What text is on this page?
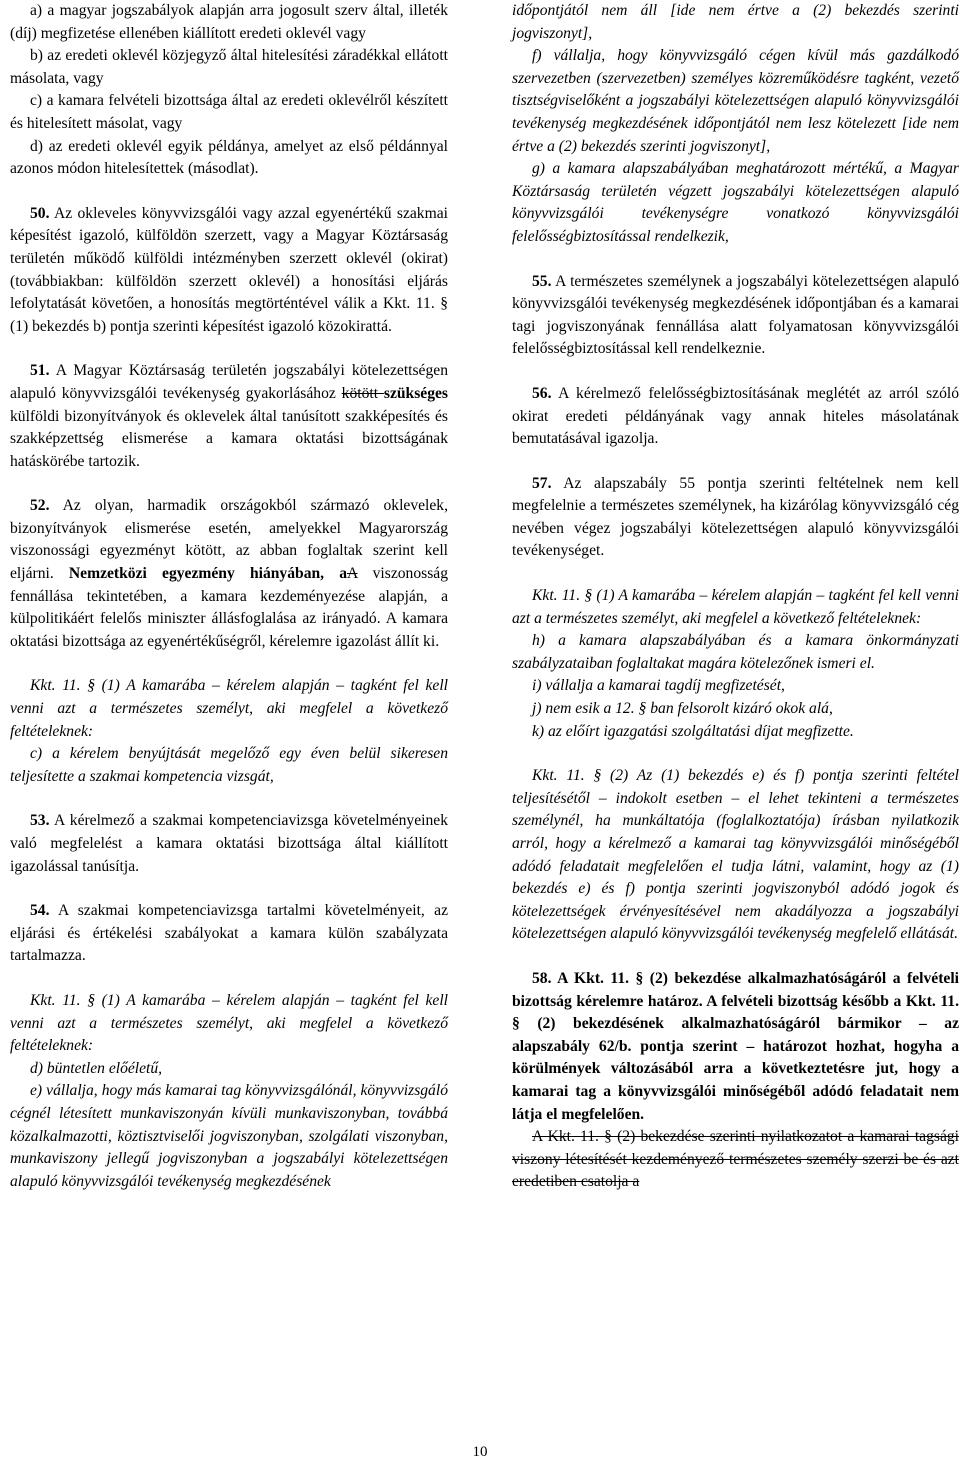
a) a magyar jogszabályok alapján arra jogosult szerv által, illeték (díj) megfizetése ellenében kiállított eredeti oklevél vagy

b) az eredeti oklevél közjegyző által hitelesítési záradékkal ellátott másolata, vagy

c) a kamara felvételi bizottsága által az eredeti oklevélről készített és hitelesített másolat, vagy

d) az eredeti oklevél egyik példánya, amelyet az első példánnyal azonos módon hitelesítettek (másodlat).

50. Az okleveles könyvvizsgálói vagy azzal egyenértékű szakmai képesítést igazoló, külföldön szerzett, vagy a Magyar Köztársaság területén működő külföldi intézményben szerzett oklevél (okirat) (továbbiakban: külföldön szerzett oklevél) a honosítási eljárás lefolytatását követően, a honosítás megtörténtével válik a Kkt. 11. § (1) bekezdés b) pontja szerinti képesítést igazoló közokirattá.

51. A Magyar Köztársaság területén jogszabályi kötelezettségen alapuló könyvvizsgálói tevékenység gyakorlásához kötött szükséges külföldi bizonyítványok és oklevelek által tanúsított szakképesítés és szakképzettség elismerése a kamara oktatási bizottságának hatáskörébe tartozik.

52. Az olyan, harmadik országokból származó oklevelek, bizonyítványok elismerése esetén, amelyekkel Magyarország viszonossági egyezményt kötött, az abban foglaltak szerint kell eljárni. Nemzetközi egyezmény hiányában, aA viszonosság fennállása tekintetében, a kamara kezdeményezése alapján, a külpolitikáért felelős miniszter állásfoglalása az irányadó. A kamara oktatási bizottsága az egyenértékűségről, kérelemre igazolást állít ki.

Kkt. 11. § (1) A kamarába – kérelem alapján – tagként fel kell venni azt a természetes személyt, aki megfelel a következő feltételeknek:

c) a kérelem benyújtását megelőző egy éven belül sikeresen teljesítette a szakmai kompetencia vizsgát,

53. A kérelmező a szakmai kompetenciavizsga követelményeinek való megfelelést a kamara oktatási bizottsága által kiállított igazolással tanúsítja.

54. A szakmai kompetenciavizsga tartalmi követelményeit, az eljárási és értékelési szabályokat a kamara külön szabályzata tartalmazza.

Kkt. 11. § (1) A kamarába – kérelem alapján – tagként fel kell venni azt a természetes személyt, aki megfelel a következő feltételeknek:

d) büntetlen előéletű,

e) vállalja, hogy más kamarai tag könyvvizsgálónál, könyvvizsgáló cégnél létesített munkaviszonyán kívüli munkaviszonyban, továbbá közalkalmazotti, köztisztviselői jogviszonyban, szolgálati viszonyban, munkaviszony jellegű jogviszonyban a jogszabályi kötelezettségen alapuló könyvvizsgálói tevékenység megkezdésének

időpontjától nem áll [ide nem értve a (2) bekezdés szerinti jogviszonyt],

f) vállalja, hogy könyvvizsgáló cégen kívül más gazdálkodó szervezetben (szervezetben) személyes közreműködésre tagként, vezető tisztségviselőként a jogszabályi kötelezettségen alapuló könyvvizsgálói tevékenység megkezdésének időpontjától nem lesz kötelezett [ide nem értve a (2) bekezdés szerinti jogviszonyt],

g) a kamara alapszabályában meghatározott mértékű, a Magyar Köztársaság területén végzett jogszabályi kötelezettségen alapuló könyvvizsgálói tevékenységre vonatkozó könyvvizsgálói felelősségbiztosítással rendelkezik,

55. A természetes személynek a jogszabályi kötelezettségen alapuló könyvvizsgálói tevékenység megkezdésének időpontjában és a kamarai tagi jogviszonyának fennállása alatt folyamatosan könyvvizsgálói felelősségbiztosítással kell rendelkeznie.

56. A kérelmező felelősségbiztosításának meglétét az arról szóló okirat eredeti példányának vagy annak hiteles másolatának bemutatásával igazolja.

57. Az alapszabály 55 pontja szerinti feltételnek nem kell megfelelnie a természetes személynek, ha kizárólag könyvvizsgáló cég nevében végez jogszabályi kötelezettségen alapuló könyvvizsgálói tevékenységet.

Kkt. 11. § (1) A kamarába – kérelem alapján – tagként fel kell venni azt a természetes személyt, aki megfelel a következő feltételeknek:

h) a kamara alapszabályában és a kamara önkormányzati szabályzataiban foglaltakat magára kötelezőnek ismeri el.

i) vállalja a kamarai tagdíj megfizetését,

j) nem esik a 12. § ban felsorolt kizáró okok alá,

k) az előírt igazgatási szolgáltatási díjat megfizette.

Kkt. 11. § (2) Az (1) bekezdés e) és f) pontja szerinti feltétel teljesítésétől – indokolt esetben – el lehet tekinteni a természetes személynél, ha munkáltatója (foglalkoztatója) írásban nyilatkozik arról, hogy a kérelmező a kamarai tag könyvvizsgálói minőségéből adódó feladatait megfelelően el tudja látni, valamint, hogy az (1) bekezdés e) és f) pontja szerinti jogviszonyból adódó jogok és kötelezettségek érvényesítésével nem akadályozza a jogszabályi kötelezettségen alapuló könyvvizsgálói tevékenység megfelelő ellátását.

58. A Kkt. 11. § (2) bekezdése alkalmazhatóságáról a felvételi bizottság kérelemre határoz. A felvételi bizottság később a Kkt. 11. § (2) bekezdésének alkalmazhatóságáról bármikor – az alapszabály 62/b. pontja szerint – határozot hozhat, hogyha a körülmények változásából arra a következtetésre jut, hogy a kamarai tag a könyvvizsgálói minőségéből adódó feladatait nem látja el megfelelően.

A Kkt. 11. § (2) bekezdése szerinti nyilatkozatot a kamarai tagsági viszony létesítését kezdeményező természetes személy szerzi be és azt eredetiben csatolja a

10
